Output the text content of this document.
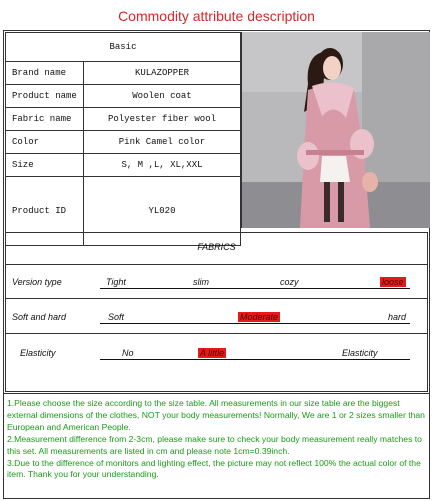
Commodity attribute description
Basic	
Brand name	KULAZOPPER
Product name	Woolen coat
Fabric name	Polyester fiber wool
Color	Pink Camel color
Size	S, M ,L, XL,XXL
Product ID	YL020
FABRICS
Version type	Tight	slim	cozy	loose
Soft and hard	Soft	Moderate	hard
Elasticity	No	A little	Elasticity

1.Please choose the size according to the size table. All measurements in our size table are the biggest external dimensions of the clothes, NOT your body measurements! Normally, We are 1 or 2 sizes smaller than European and American People.

2.Measurement difference from 2-3cm, please make sure to check your body measurement really matches to this set. All measurements are listed in cm and please note 1cm=0.39inch.

3.Due to the difference of monitors and lighting effect, the picture may not reflect 100% the actual color of the item. Thank you for your understanding.
